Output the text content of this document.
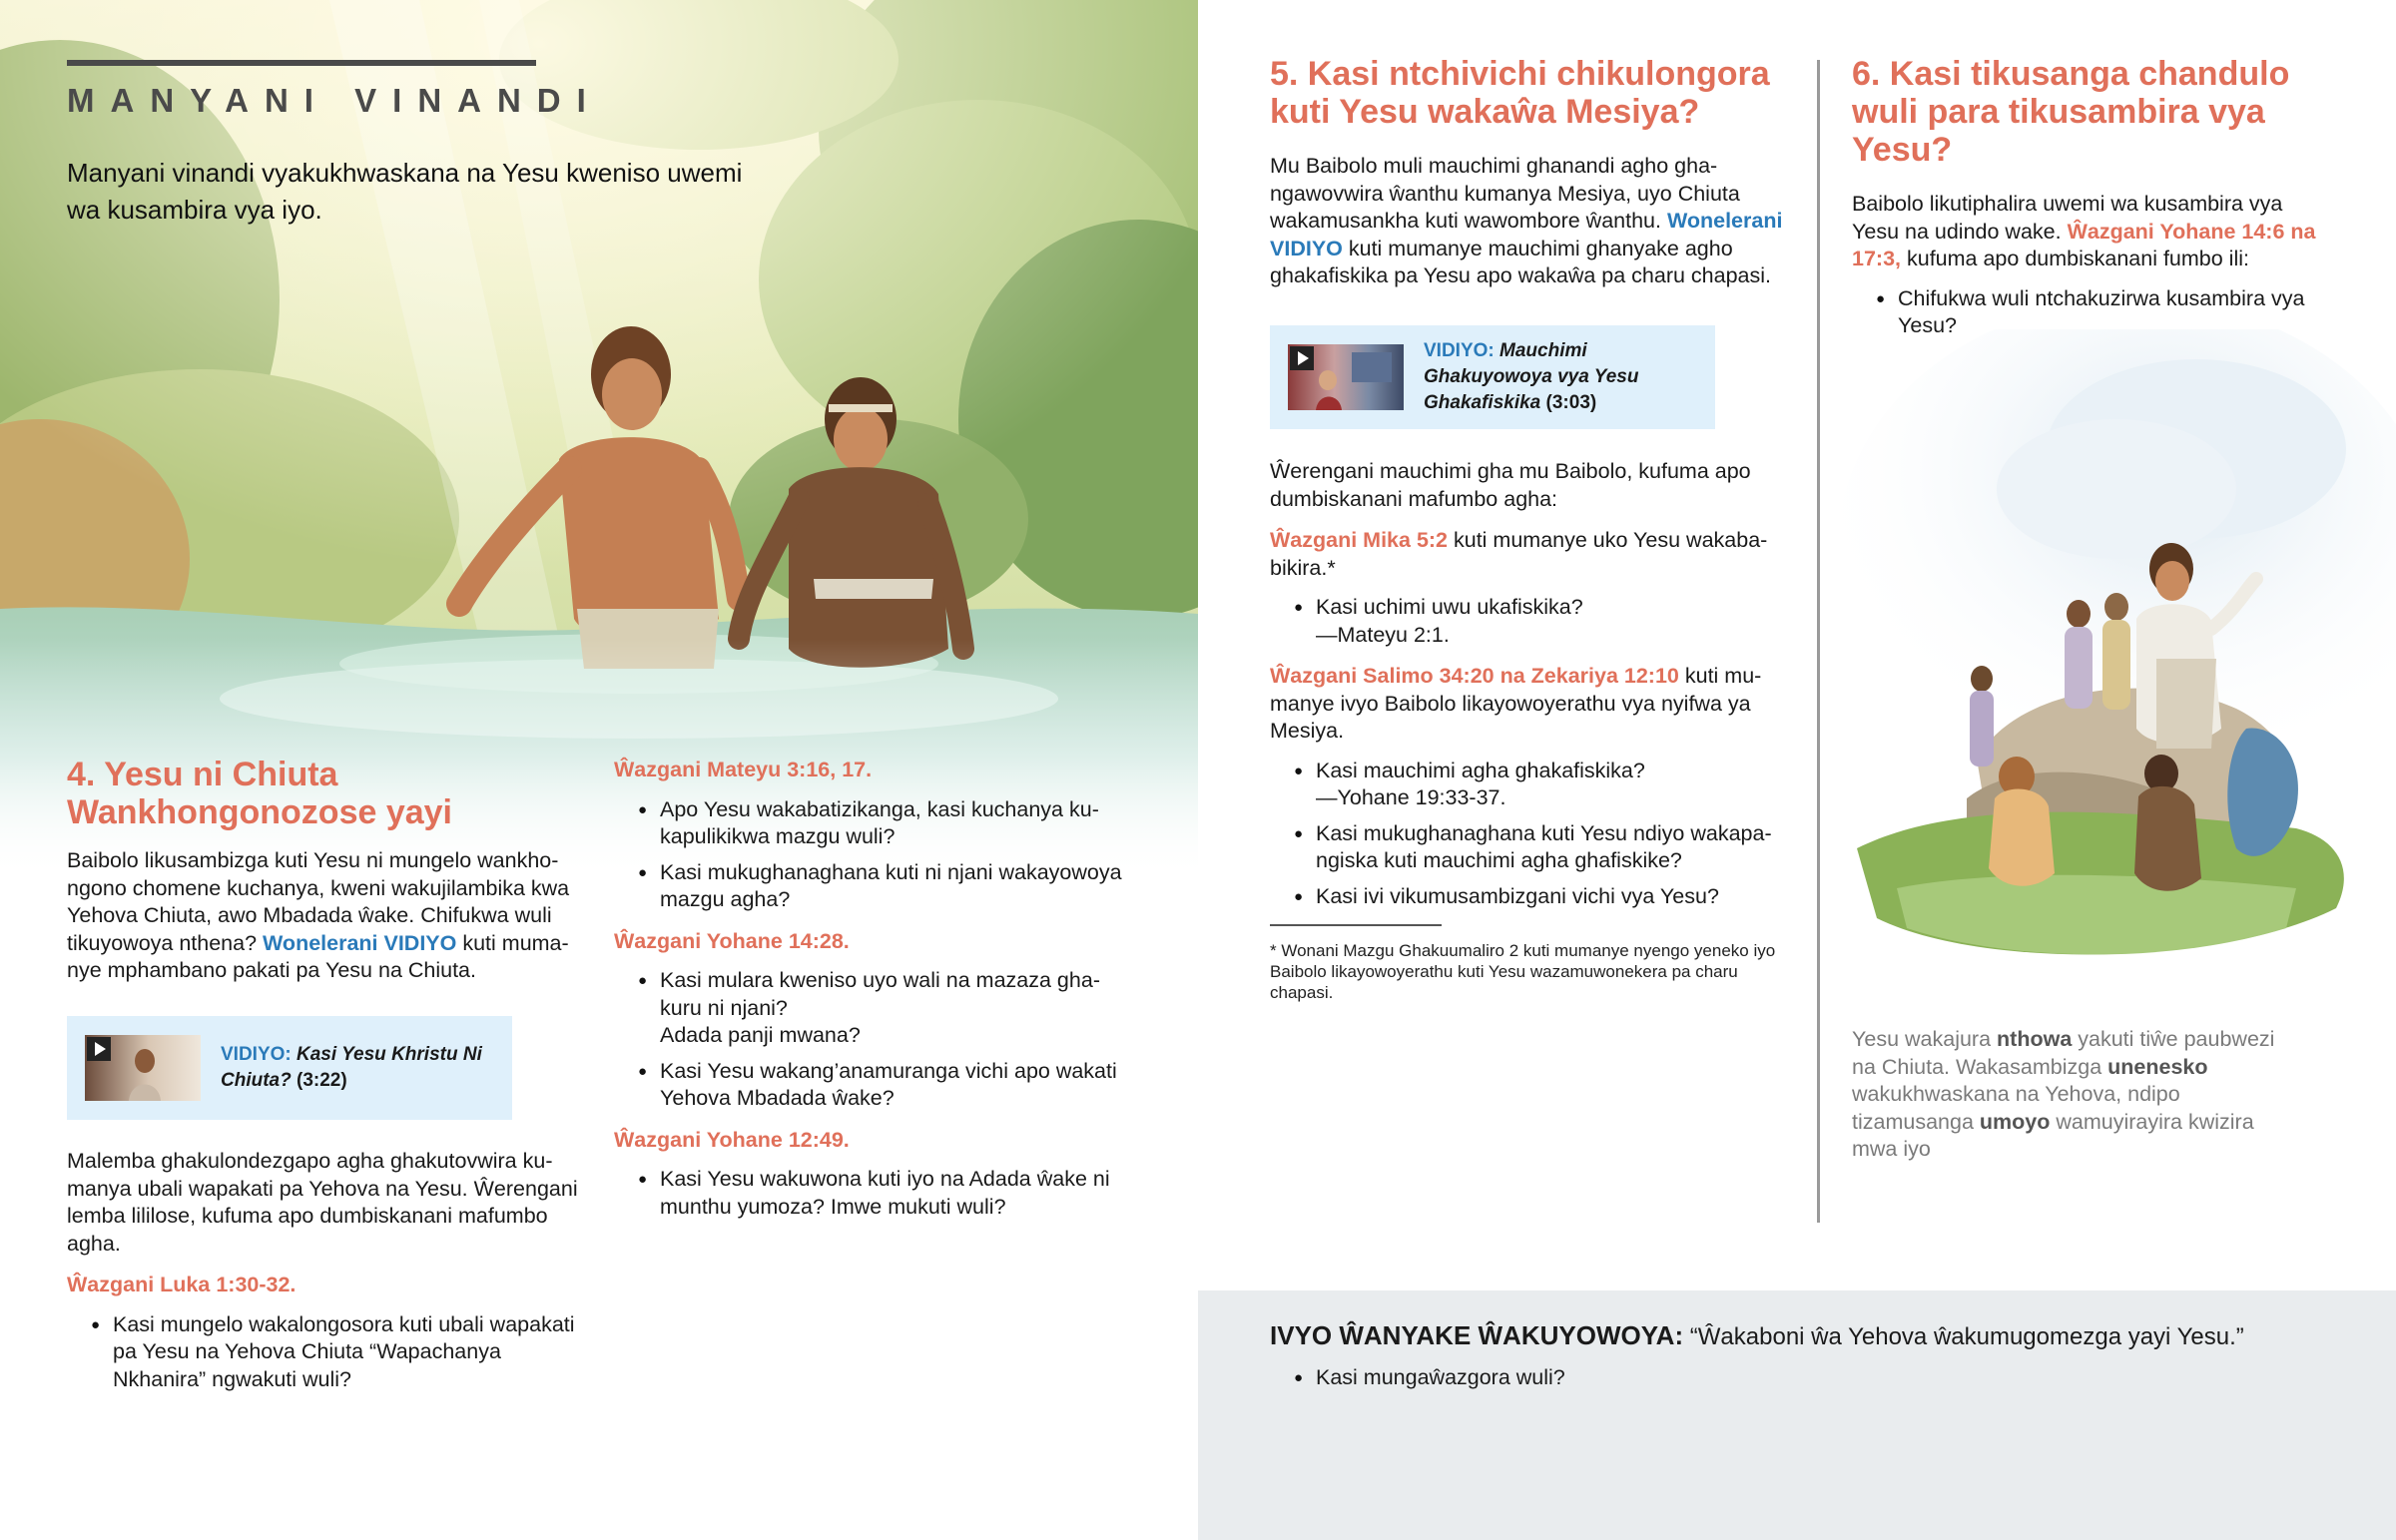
MANYANI VINANDI
Manyani vinandi vyakukhwaskana na Yesu kweniso uwemi wa kusambira vya iyo.
4. Yesu ni Chiuta Wankhongonozose yayi

Baibolo likusambizga kuti Yesu ni mungelo wankhongono chomene kuchanya, kweni wakujilambika kwa Yehova Chiuta, awo Mbadada ŵake. Chifukwa wuli tikuyowoya nthena? Wonelerani VIDIYO kuti mumanye mphambano pakati pa Yesu na Chiuta.

VIDIYO: Kasi Yesu Khristu Ni Chiuta? (3:22)

Malemba ghakulondezgapo agha ghakutovwira kumanya ubali wapakati pa Yehova na Yesu. Ŵerengani lemba lililose, kufuma apo dumbiskanani mafumbo agha.

Ŵazgani Luka 1:30-32.
● Kasi mungelo wakalongosora kuti ubali wapakati pa Yesu na Yehova Chiuta “Wapachanya Nkhanira” ngwakuti wuli?
Ŵazgani Mateyu 3:16, 17.
● Apo Yesu wakabatizikanga, kasi kuchanya kukapulikikwa mazgu wuli?
● Kasi mukughanaghana kuti ni njani wakayowoya mazgu agha?
Ŵazgani Yohane 14:28.
● Kasi mulara kweniso uyo wali na mazaza ghakuru ni njani?
Adada panji mwana?
● Kasi Yesu wakang’anamuranga vichi apo wakati Yehova Mbadada ŵake?
Ŵazgani Yohane 12:49.
● Kasi Yesu wakuwona kuti iyo na Adada ŵake ni munthu yumoza? Imwe mukuti wuli?
5. Kasi ntchivichi chikulongora kuti Yesu wakaŵa Mesiya?

Mu Baibolo muli mauchimi ghanandi agho ghangawovwira ŵanthu kumanya Mesiya, uyo Chiuta wakamusankha kuti wawombore ŵanthu. Wonelerani VIDIYO kuti mumanye mauchimi ghanyake agho ghakafiskika pa Yesu apo wakaŵa pa charu chapasi.

VIDIYO: Mauchimi Ghakuyowoya vya Yesu Ghakafiskika (3:03)

Ŵerengani mauchimi gha mu Baibolo, kufuma apo dumbiskanani mafumbo agha:

Ŵazgani Mika 5:2 kuti mumanye uko Yesu wakababikira.*

● Kasi uchimi uwu ukafiskika?
—Mateyu 2:1.

Ŵazgani Salimo 34:20 na Zekariya 12:10 kuti mumanye ivyo Baibolo likayowoyerathu vya nyifwa ya Mesiya.

● Kasi mauchimi agha ghakafiskika?
—Yohane 19:33-37.
● Kasi mukughanaghana kuti Yesu ndiyo wakapangiska kuti mauchimi agha ghafiskike?
● Kasi ivi vikumusambizgani vichi vya Yesu?

* Wonani Mazgu Ghakuumaliro 2 kuti mumanye nyengo yeneko iyo Baibolo likayowoyerathu kuti Yesu wazamuwonekera pa charu chapasi.

6. Kasi tikusanga chandulo wuli para tikusambira vya Yesu?

Baibolo likutiphalira uwemi wa kusambira vya Yesu na udindo wake. Ŵazgani Yohane 14:6 na 17:3, kufuma apo dumbiskanani fumbo ili:

● Chifukwa wuli ntchakuzirwa kusambira vya Yesu?

Yesu wakajura nthowa yakuti tiŵe paubwezi na Chiuta. Wakasambizga unenesko wakukhwaskana na Yehova, ndipo tizamusanga umoyo wamuyirayira kwizira mwa iyo

IVYO ŴANYAKE ŴAKUYOWOYA: “Ŵakaboni ŵa Yehova ŵakumugomezga yayi Yesu.”

● Kasi mungaŵazgora wuli?
